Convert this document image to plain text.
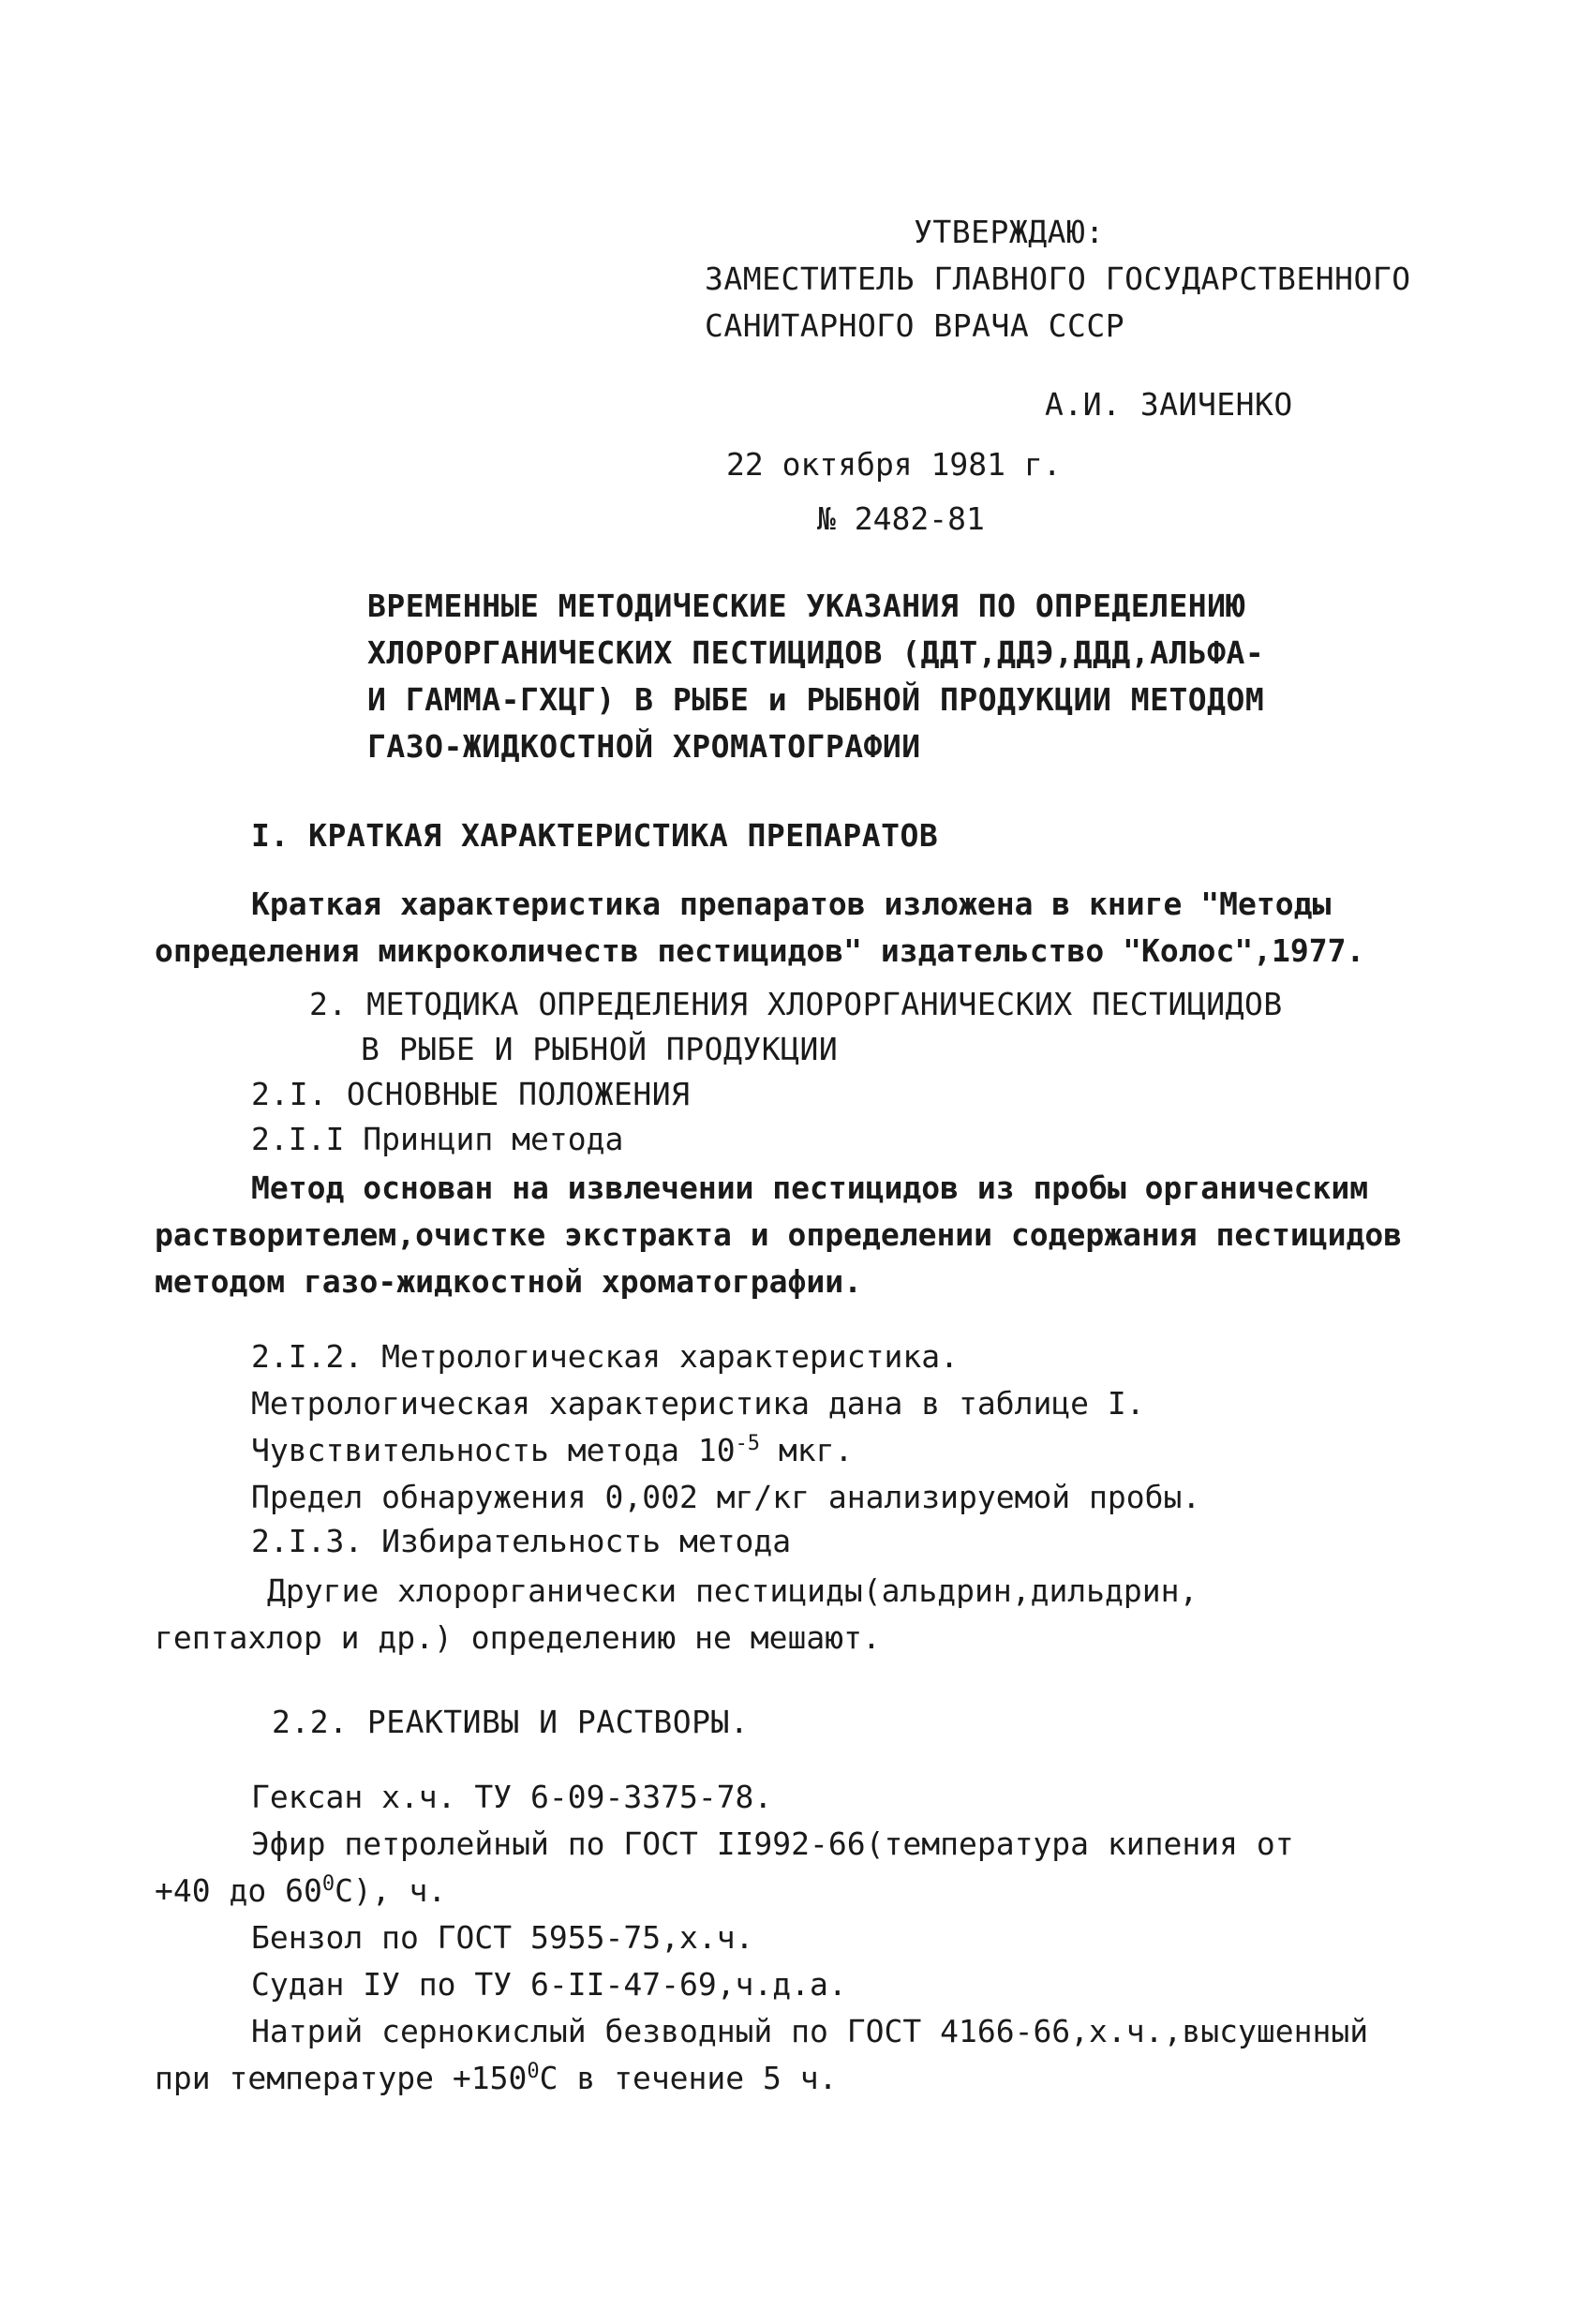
УТВЕРЖДАЮ:
ЗАМЕСТИТЕЛЬ ГЛАВНОГО ГОСУДАРСТВЕННОГО
САНИТАРНОГО ВРАЧА СССР
А.И. ЗАИЧЕНКО
22 октября 1981 г.
№ 2482-81
ВРЕМЕННЫЕ МЕТОДИЧЕСКИЕ УКАЗАНИЯ ПО ОПРЕДЕЛЕНИЮ
ХЛОРОРГАНИЧЕСКИХ ПЕСТИЦИДОВ (ДДТ,ДДЭ,ДДД,АЛЬФА-
И ГАММА-ГХЦГ) В РЫБЕ и РЫБНОЙ ПРОДУКЦИИ МЕТОДОМ
ГАЗО-ЖИДКОСТНОЙ ХРОМАТОГРАФИИ
I. КРАТКАЯ ХАРАКТЕРИСТИКА ПРЕПАРАТОВ
Краткая характеристика препаратов изложена в книге "Методы
определения микроколичеств пестицидов" издательство "Колос",1977.
2. МЕТОДИКА ОПРЕДЕЛЕНИЯ ХЛОРОРГАНИЧЕСКИХ ПЕСТИЦИДОВ
В РЫБЕ И РЫБНОЙ ПРОДУКЦИИ
2.I. ОСНОВНЫЕ ПОЛОЖЕНИЯ
2.I.I Принцип метода
Метод основан на извлечении пестицидов из пробы органическим
растворителем,очистке экстракта и определении содержания пестицидов
методом газо-жидкостной хроматографии.
2.I.2. Метрологическая характеристика.
Метрологическая характеристика дана в таблице I.
Чувствительность метода $10^{-5}$ мкг.
Предел обнаружения 0,002 мг/кг анализируемой пробы.
2.I.3. Избирательность метода
Другие хлорорганически пестициды(альдрин,дильдрин,
гептахлор и др.) определению не мешают.
2.2. РЕАКТИВЫ И РАСТВОРЫ.
Гексан х.ч. ТУ 6-09-3375-78.
Эфир петролейный по ГОСТ II992-66(температура кипения от
+40 до $60^0С$), ч.
Бензол по ГОСТ 5955-75,х.ч.
Судан IУ по ТУ 6-II-47-69,ч.д.а.
Натрий сернокислый безводный по ГОСТ 4166-66,х.ч.,высушенный
при температуре $+150^0С$ в течение 5 ч.
